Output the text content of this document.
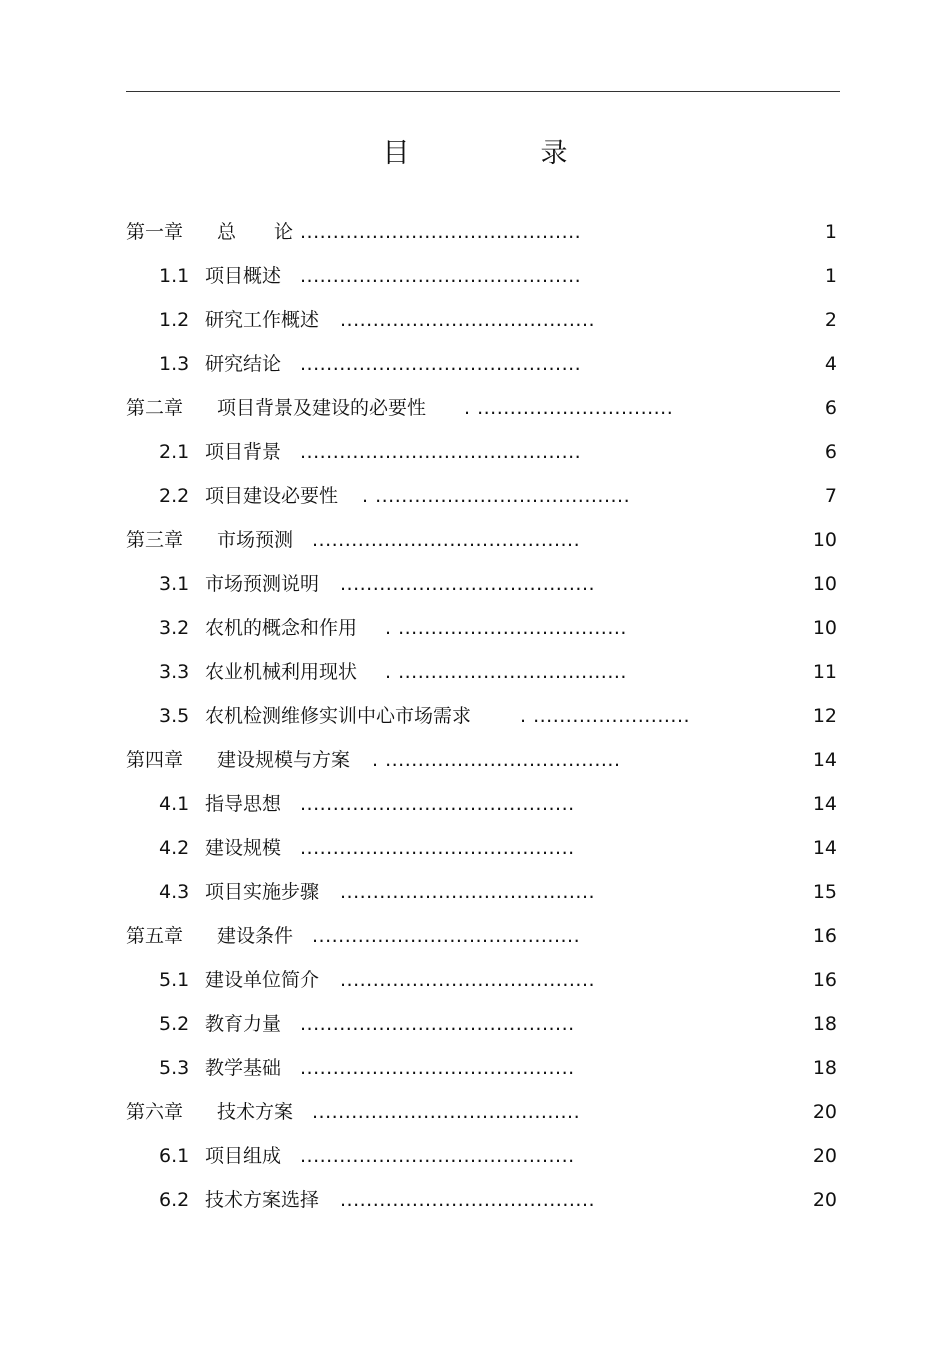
目　录
第一章 总　　论 ...........................................	1
1.1 项目概述 ...........................................	1
1.2 研究工作概述 .......................................	2
1.3 研究结论 ...........................................	4
第二章 项目背景及建设的必要性 . ..............................	6
2.1 项目背景 ...........................................	6
2.2 项目建设必要性 . .......................................	7
第三章 市场预测 .........................................	10
3.1 市场预测说明 .......................................	10
3.2 农机的概念和作用 . ...................................	10
3.3 农业机械利用现状 . ...................................	11
3.5 农机检测维修实训中心市场需求	. ........................	12
第四章 建设规模与方案 . ....................................	14
4.1 指导思想 ..........................................	14
4.2 建设规模 ..........................................	14
4.3 项目实施步骤 .......................................	15
第五章 建设条件 .........................................	16
5.1 建设单位简介 .......................................	16
5.2 教育力量 ..........................................	18
5.3 教学基础 ..........................................	18
第六章 技术方案 .........................................	20
6.1 项目组成 ..........................................	20
6.2 技术方案选择 .......................................	20
